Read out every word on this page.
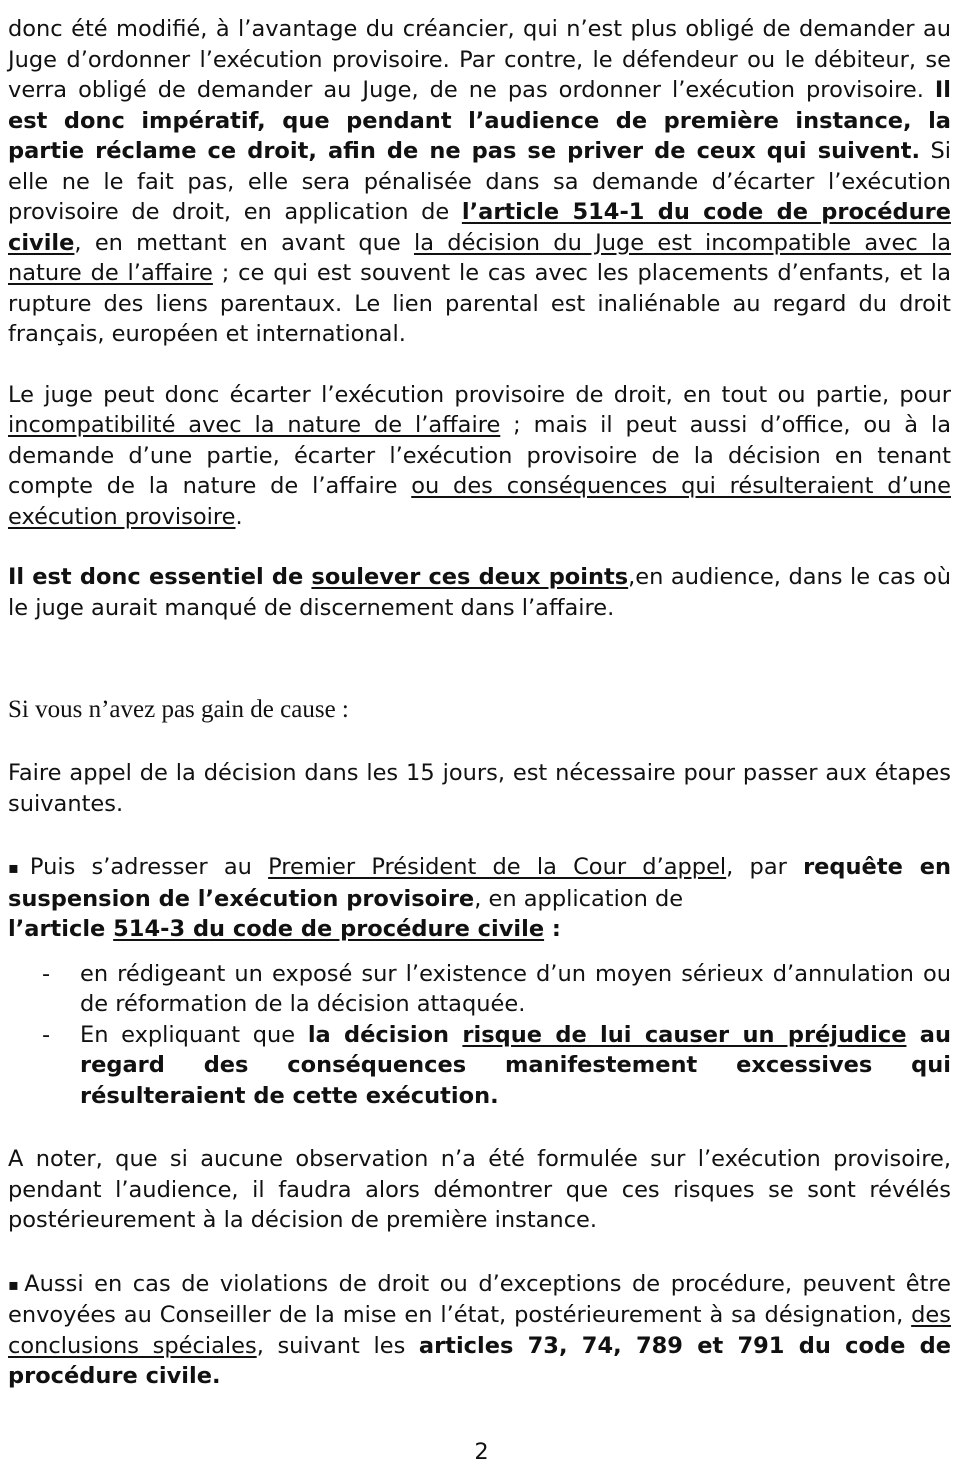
donc été modifié, à l’avantage du créancier, qui n’est plus obligé de demander au Juge d’ordonner l’exécution provisoire. Par contre, le défendeur ou le débiteur, se verra obligé de demander au Juge, de ne pas ordonner l’exécution provisoire. Il est donc impératif, que pendant l’audience de première instance, la partie réclame ce droit, afin de ne pas se priver de ceux qui suivent. Si elle ne le fait pas, elle sera pénalisée dans sa demande d’écarter l’exécution provisoire de droit, en application de l’article 514-1 du code de procédure civile, en mettant en avant que la décision du Juge est incompatible avec la nature de l’affaire ; ce qui est souvent le cas avec les placements d’enfants, et la rupture des liens parentaux. Le lien parental est inaliénable au regard du droit français, européen et international.

Le juge peut donc écarter l’exécution provisoire de droit, en tout ou partie, pour incompatibilité avec la nature de l’affaire ; mais il peut aussi d’office, ou à la demande d’une partie, écarter l’exécution provisoire de la décision en tenant compte de la nature de l’affaire ou des conséquences qui résulteraient d’une exécution provisoire.

Il est donc essentiel de soulever ces deux points,en audience, dans le cas où le juge aurait manqué de discernement dans l’affaire.

Si vous n’avez pas gain de cause :

Faire appel de la décision dans les 15 jours, est nécessaire pour passer aux étapes suivantes.

▪Puis s’adresser au Premier Président de la Cour d’appel, par requête en suspension de l’exécution provisoire, en application de
l’article 514-3 du code de procédure civile :

-	en rédigeant un exposé sur l’existence d’un moyen sérieux d’annulation ou de réformation de la décision attaquée.
-	En expliquant que la décision risque de lui causer un préjudice au regard des conséquences manifestement excessives qui résulteraient de cette exécution.

A noter, que si aucune observation n’a été formulée sur l’exécution provisoire, pendant l’audience, il faudra alors démontrer que ces risques se sont révélés postérieurement à la décision de première instance.

▪Aussi en cas de violations de droit ou d’exceptions de procédure, peuvent être envoyées au Conseiller de la mise en l’état, postérieurement à sa désignation, des conclusions spéciales, suivant les articles 73, 74, 789 et 791 du code de procédure civile.

2
